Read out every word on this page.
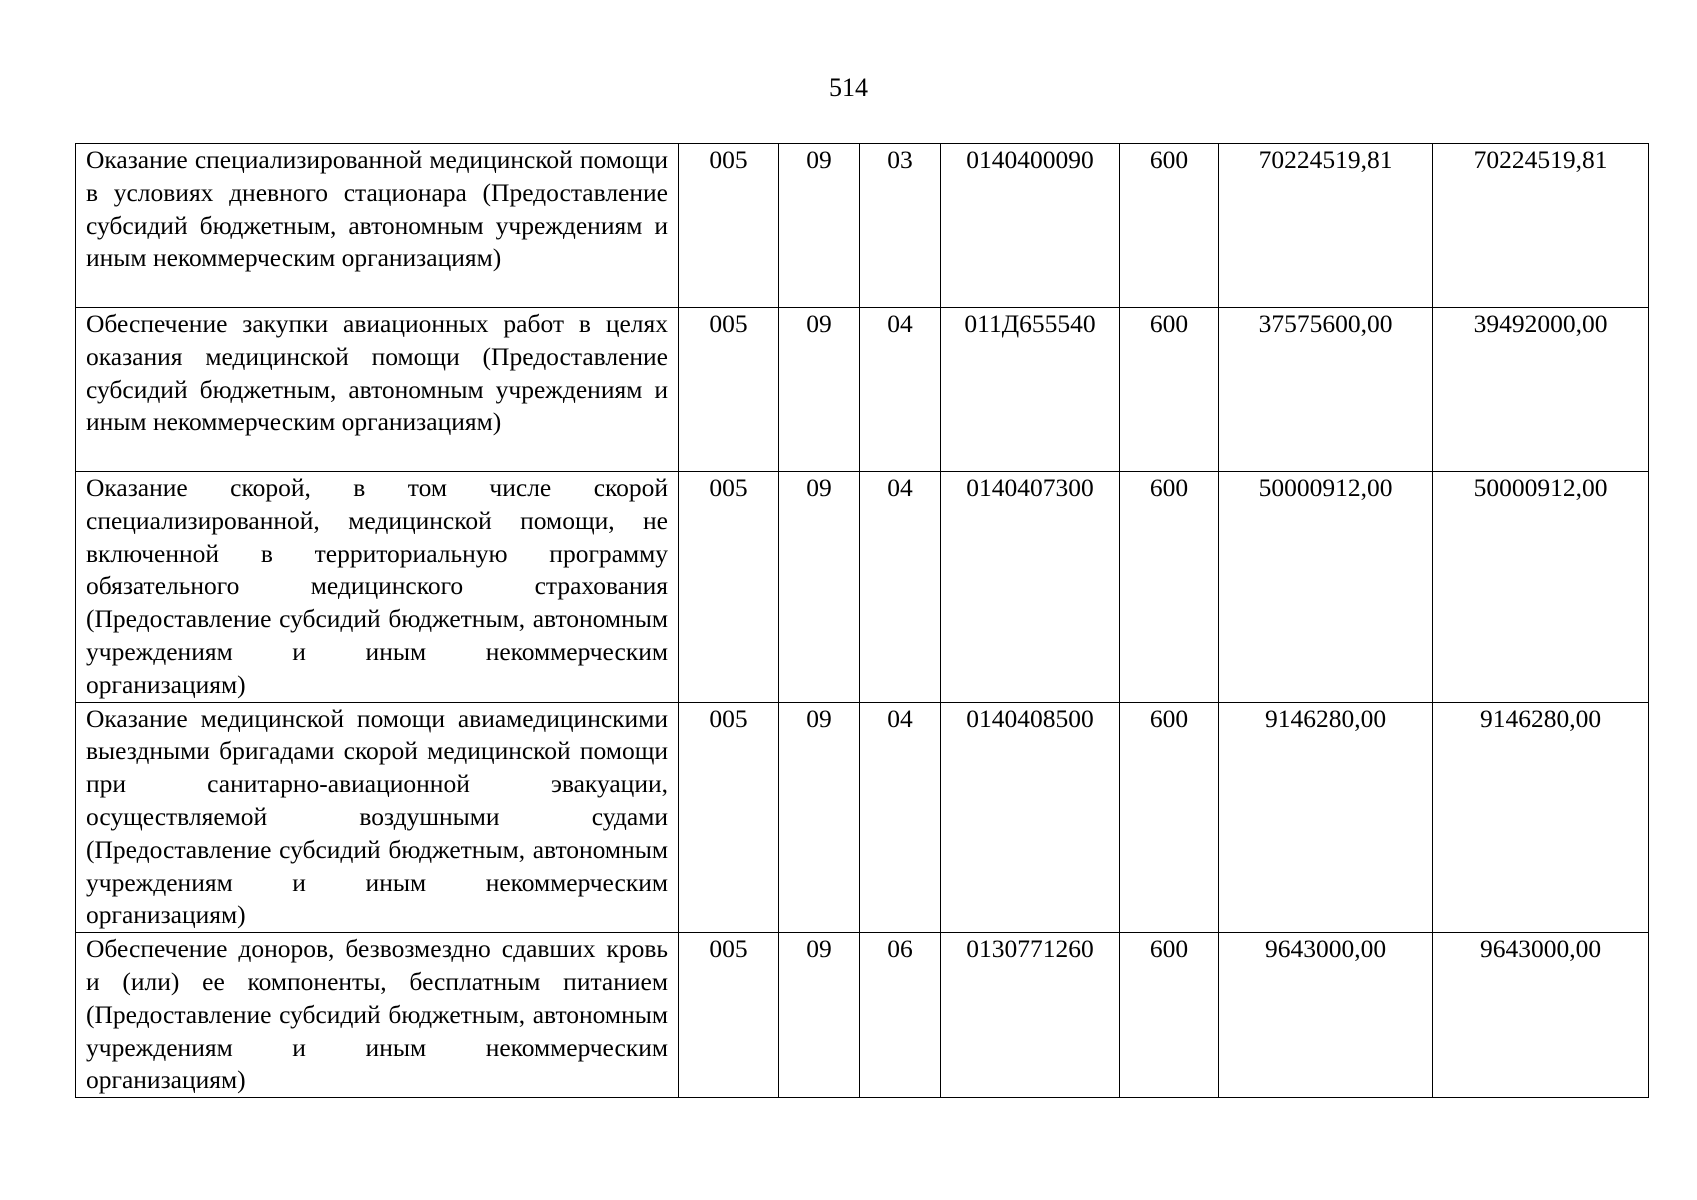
514
Оказание специализированной медицинской помощи в условиях дневного стационара (Предоставление субсидий бюджетным, автономным учреждениям и иным некоммерческим организациям)	005	09	03	0140400090	600	70224519,81	70224519,81
Обеспечение закупки авиационных работ в целях оказания медицинской помощи (Предоставление субсидий бюджетным, автономным учреждениям и иным некоммерческим организациям)	005	09	04	011Д655540	600	37575600,00	39492000,00
Оказание скорой, в том числе скорой специализированной, медицинской помощи, не включенной в территориальную программу обязательного медицинского страхования (Предоставление субсидий бюджетным, автономным учреждениям и иным некоммерческим организациям)	005	09	04	0140407300	600	50000912,00	50000912,00
Оказание медицинской помощи авиамедицинскими выездными бригадами скорой медицинской помощи при санитарно-авиационной эвакуации, осуществляемой воздушными судами (Предоставление субсидий бюджетным, автономным учреждениям и иным некоммерческим организациям)	005	09	04	0140408500	600	9146280,00	9146280,00
Обеспечение доноров, безвозмездно сдавших кровь и (или) ее компоненты, бесплатным питанием (Предоставление субсидий бюджетным, автономным учреждениям и иным некоммерческим организациям)	005	09	06	0130771260	600	9643000,00	9643000,00
